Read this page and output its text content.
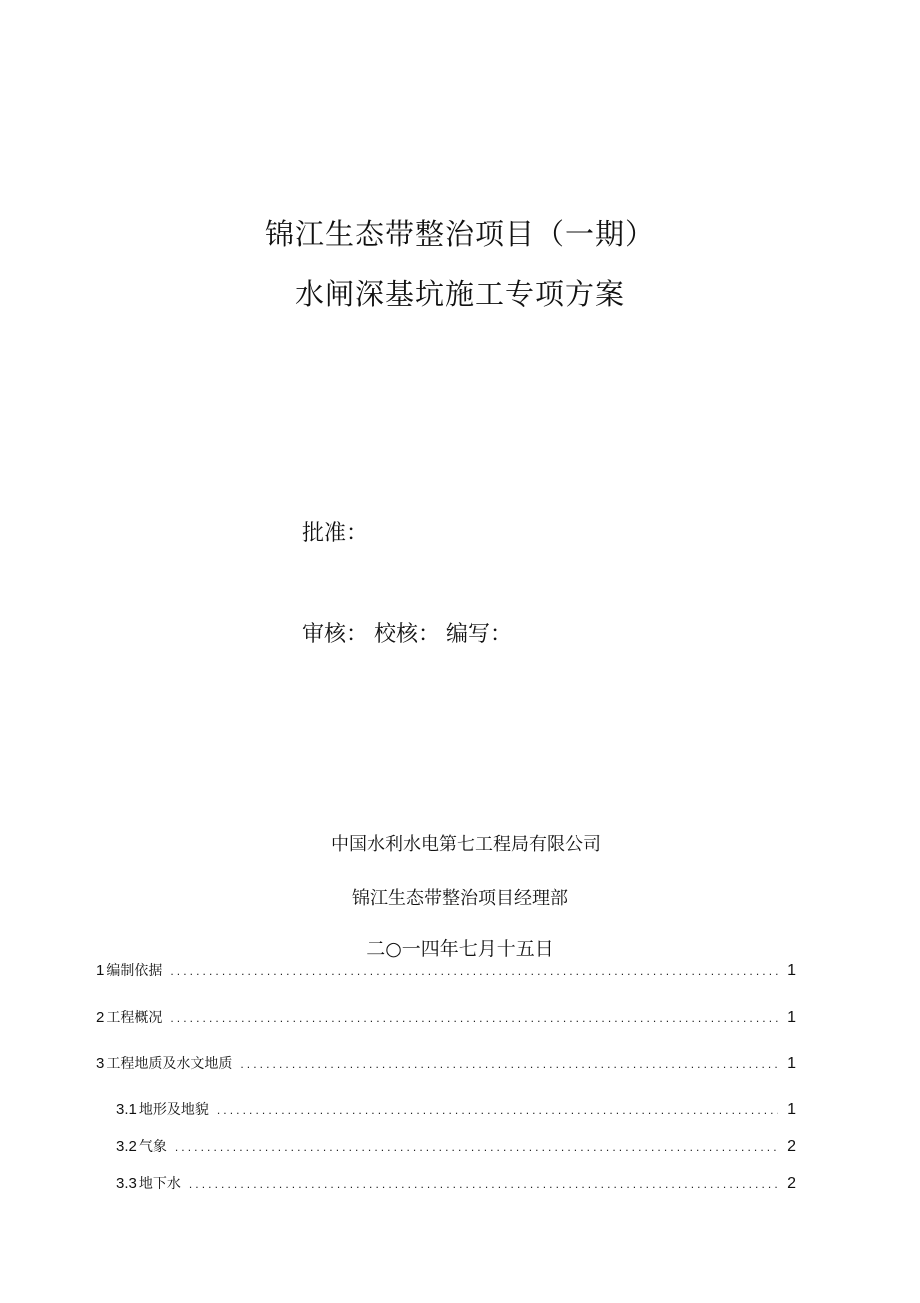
锦江生态带整治项目（一期）
水闸深基坑施工专项方案
批准：
审核： 校核： 编写：
中国水利水电第七工程局有限公司
锦江生态带整治项目经理部
二○一四年七月十五日
1 编制依据 .....	1
2 工程概况 .....	1
3 工程地质及水文地质 .....	1
3.1 地形及地貌 .....	1
3.2 气象 .....	2
3.3 地下水 .....	2
